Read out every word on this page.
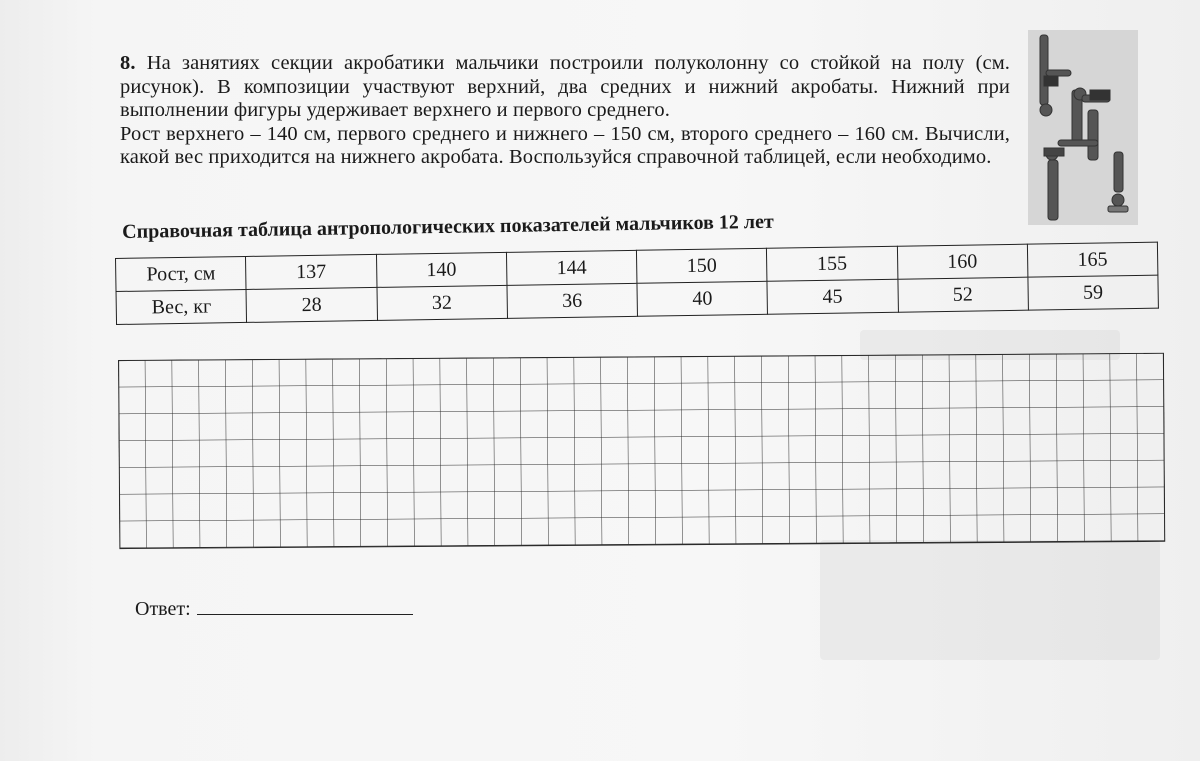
8. На занятиях секции акробатики мальчики построили полуколонну со стойкой на полу (см. рисунок). В композиции участвуют верхний, два средних и нижний акробаты. Нижний при выполнении фигуры удерживает верхнего и первого среднего.

Рост верхнего – 140 см, первого среднего и нижнего – 150 см, второго среднего – 160 см. Вычисли, какой вес приходится на нижнего акробата. Воспользуйся справочной таблицей, если необходимо.

Справочная таблица антропологических показателей мальчиков 12 лет
Рост, см	137	140	144	150	155	160	165
Вес, кг	28	32	36	40	45	52	59
Ответ:
